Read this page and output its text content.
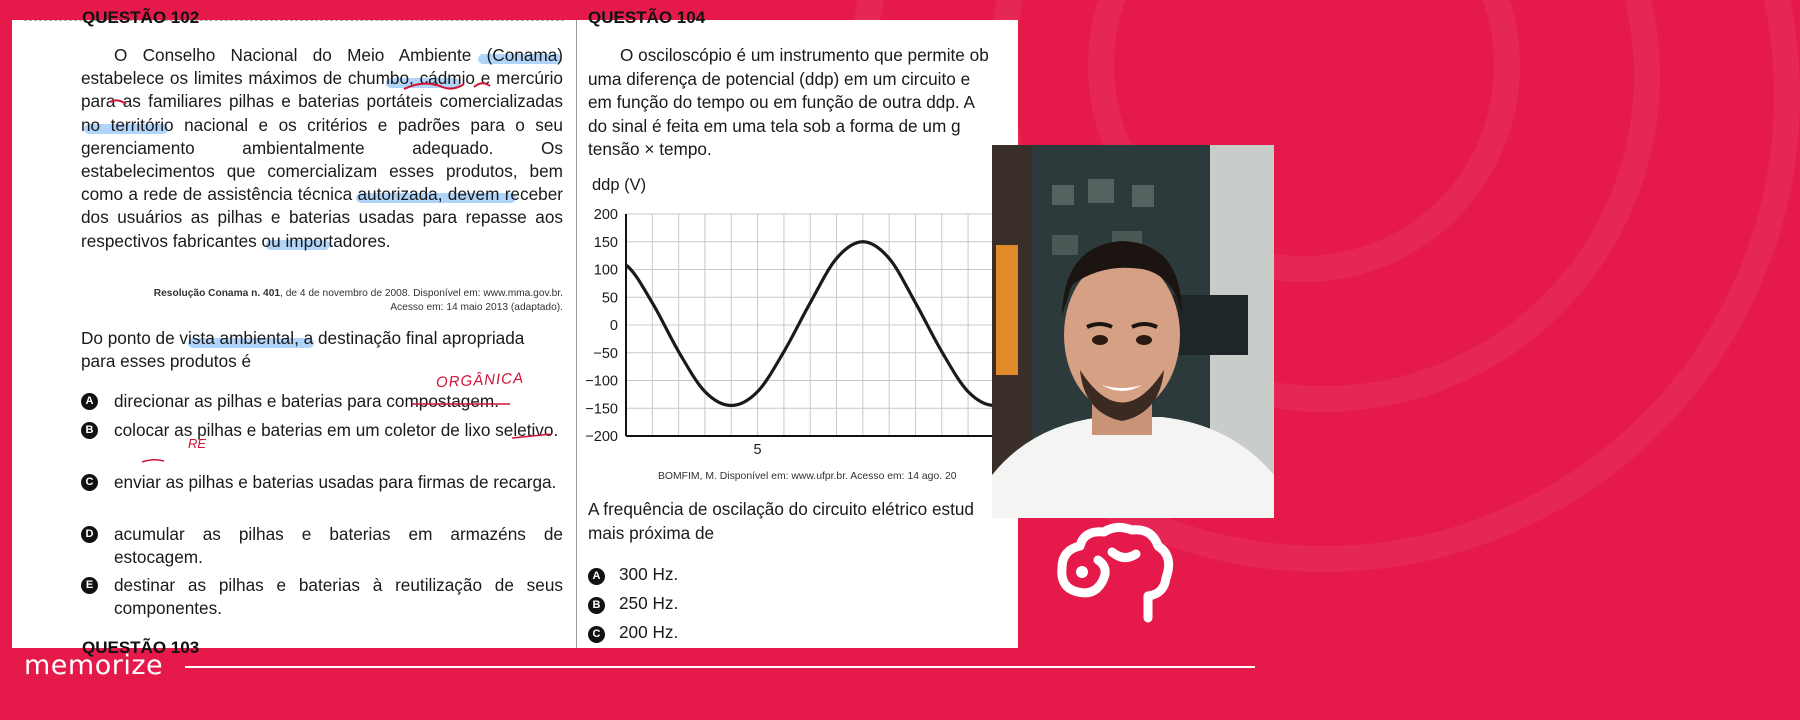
QUESTÃO 102	QUESTÃO 104

O Conselho Nacional do Meio Ambiente (Conama) estabelece os limites máximos de chumbo, cádmio e mercúrio para as familiares pilhas e baterias portáteis comercializadas no território nacional e os critérios e padrões para o seu gerenciamento ambientalmente adequado. Os estabelecimentos que comercializam esses produtos, bem como a rede de assistência técnica autorizada, devem receber dos usuários as pilhas e baterias usadas para repasse aos respectivos fabricantes ou importadores.

Resolução Conama n. 401, de 4 de novembro de 2008. Disponível em: www.mma.gov.br.
Acesso em: 14 maio 2013 (adaptado).

Do ponto de vista ambiental, a destinação final apropriada para esses produtos é

ORGÂNICA
RE
A direcionar as pilhas e baterias para compostagem.
B colocar as pilhas e baterias em um coletor de lixo seletivo.
C enviar as pilhas e baterias usadas para firmas de recarga.
D acumular as pilhas e baterias em armazéns de estocagem.
E destinar as pilhas e baterias à reutilização de seus componentes.

O osciloscópio é um instrumento que permite ob
uma diferença de potencial (ddp) em um circuito e
em função do tempo ou em função de outra ddp. A
do sinal é feita em uma tela sob a forma de um g
tensão × tempo.

ddp (V)
200
150
100
50
0
−50
−100
−150
−200
5
BOMFIM, M. Disponível em: www.ufpr.br. Acesso em: 14 ago. 20

A frequência de oscilação do circuito elétrico estud
mais próxima de

A 300 Hz.
B 250 Hz.
C 200 Hz.
QUESTÃO 103
memorize
